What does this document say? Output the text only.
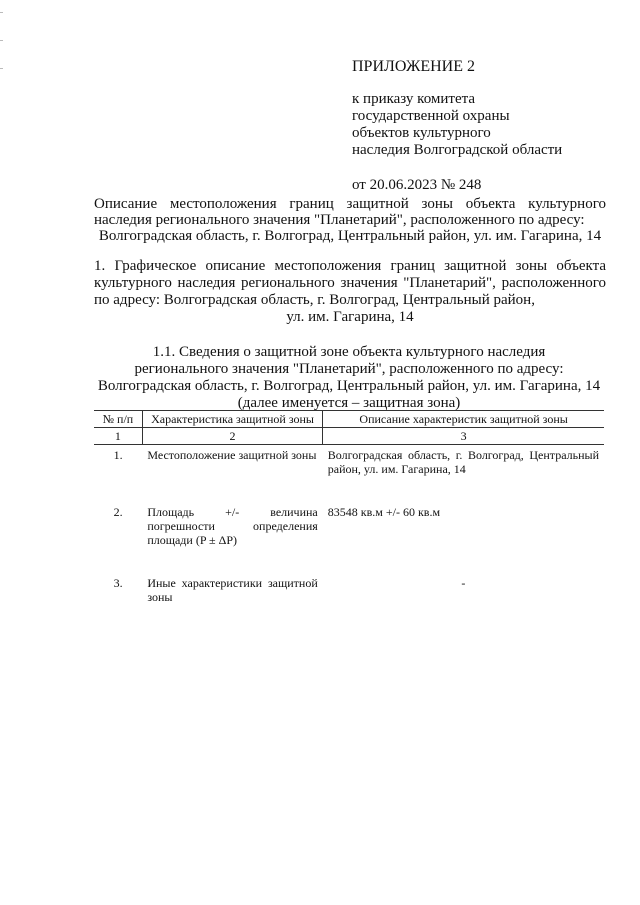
ПРИЛОЖЕНИЕ 2
к приказу комитета
государственной охраны
объектов культурного
наследия Волгоградской области
от 20.06.2023 № 248
Описание местоположения границ защитной зоны объекта культурного наследия регионального значения "Планетарий", расположенного по адресу:
Волгоградская область, г. Волгоград, Центральный район, ул. им. Гагарина, 14
1. Графическое описание местоположения границ защитной зоны объекта культурного наследия регионального значения "Планетарий", расположенного по адресу: Волгоградская область, г. Волгоград, Центральный район,
ул. им. Гагарина, 14
1.1. Сведения о защитной зоне объекта культурного наследия
регионального значения "Планетарий", расположенного по адресу:
Волгоградская область, г. Волгоград, Центральный район, ул. им. Гагарина, 14
(далее именуется – защитная зона)
№ п/п	Характеристика защитной зоны	Описание характеристик защитной зоны
1	2	3
1.	Местоположение защитной зоны	Волгоградская область, г. Волгоград, Центральный район, ул. им. Гагарина, 14
2.	Площадь +/- величина погрешности определения площади (P ± ΔP)	83548 кв.м +/- 60 кв.м
3.	Иные характеристики защитной зоны	-
